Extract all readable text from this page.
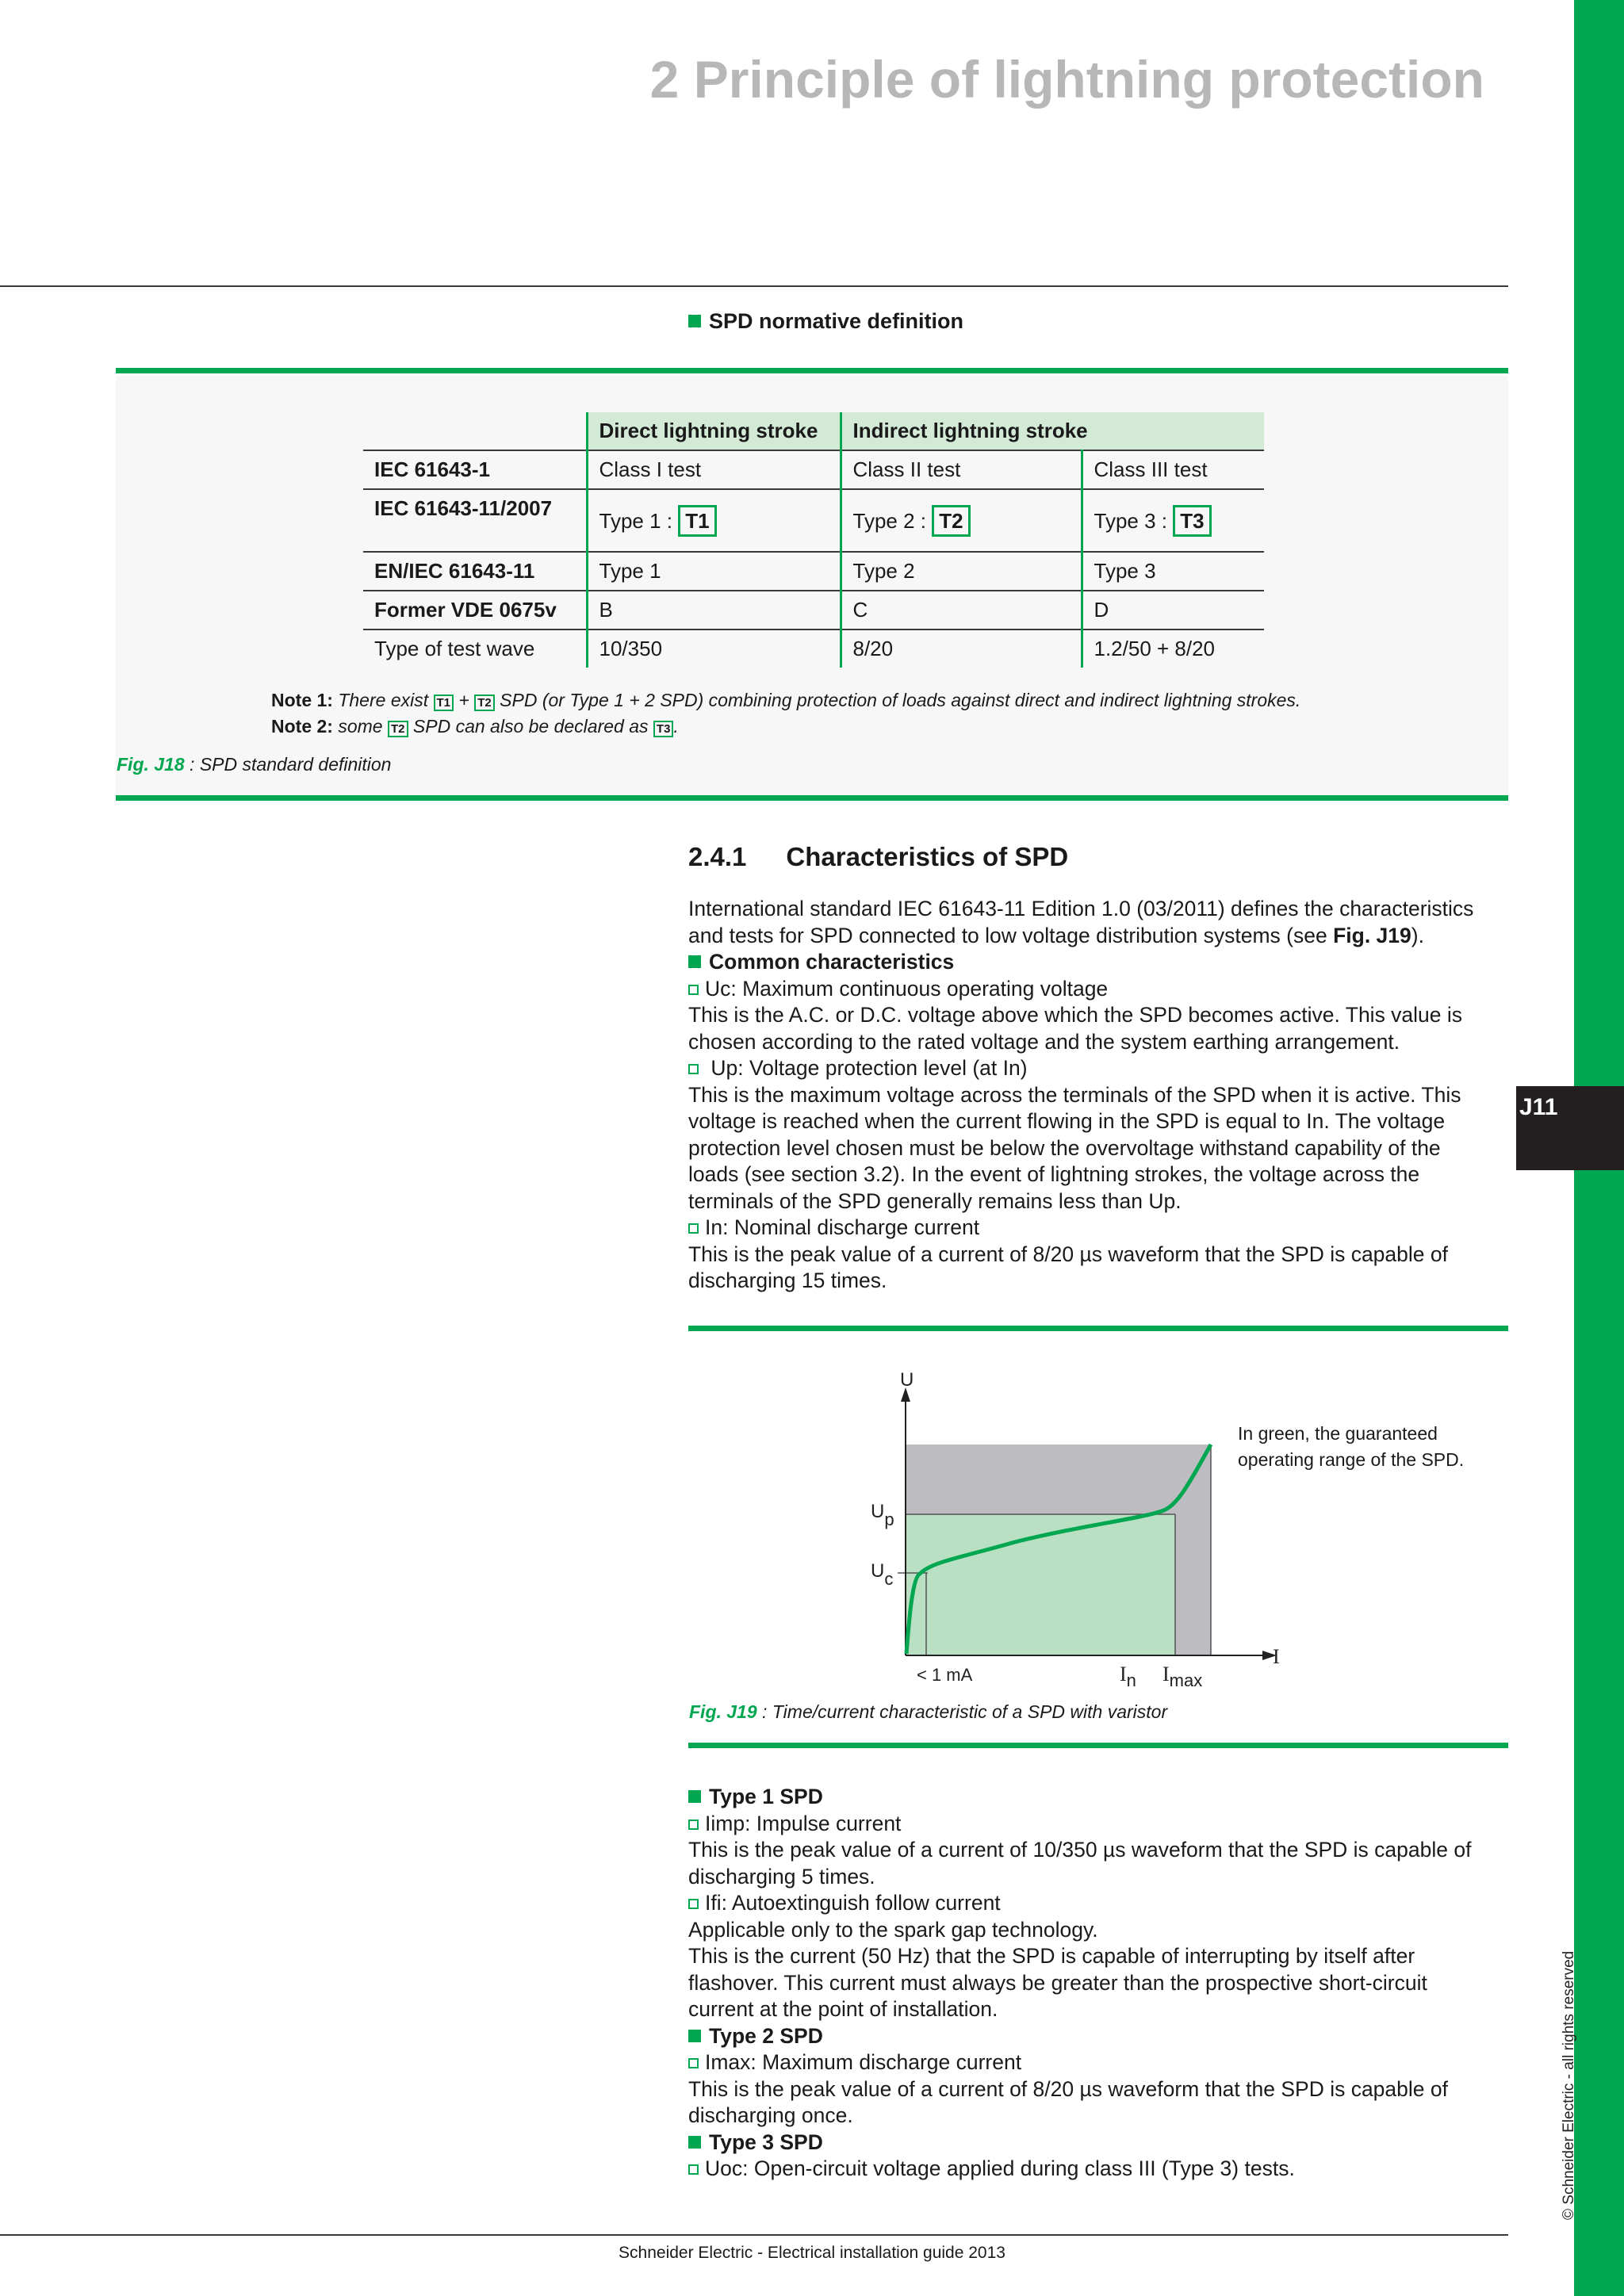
J11
© Schneider Electric - all rights reserved
2 Principle of lightning protection
SPD normative definition
	Direct lightning stroke	Indirect lightning stroke	
IEC 61643-1	Class I test	Class II test	Class III test
IEC 61643-11/2007	Type 1 : T1	Type 2 : T2	Type 3 : T3
EN/IEC 61643-11	Type 1	Type 2	Type 3
Former VDE 0675v	B	C	D
Type of test wave	10/350	8/20	1.2/50 + 8/20
Note 1: There exist T1 + T2 SPD (or Type 1 + 2 SPD) combining protection of loads against direct and indirect lightning strokes.
Note 2: some T2 SPD can also be declared as T3 .
Fig. J18 : SPD standard definition
2.4.1 Characteristics of SPD
International standard IEC 61643-11 Edition 1.0 (03/2011) defines the characteristics
and tests for SPD connected to low voltage distribution systems (see Fig. J19).
Common characteristics
Uc: Maximum continuous operating voltage
This is the A.C. or D.C. voltage above which the SPD becomes active. This value is
chosen according to the rated voltage and the system earthing arrangement.
Up: Voltage protection level (at In)
This is the maximum voltage across the terminals of the SPD when it is active. This
voltage is reached when the current flowing in the SPD is equal to In. The voltage
protection level chosen must be below the overvoltage withstand capability of the
loads (see section 3.2). In the event of lightning strokes, the voltage across the
terminals of the SPD generally remains less than Up.
In: Nominal discharge current
This is the peak value of a current of 8/20 µs waveform that the SPD is capable of
discharging 15 times.
U
I
Up
Uc
< 1 mA	$I_n$ $I_{max}$
In green, the guaranteed
operating range of the SPD.
Fig. J19 : Time/current characteristic of a SPD with varistor
Type 1 SPD
Iimp: Impulse current
This is the peak value of a current of 10/350 µs waveform that the SPD is capable of
discharging 5 times.
Ifi: Autoextinguish follow current
Applicable only to the spark gap technology.
This is the current (50 Hz) that the SPD is capable of interrupting by itself after
flashover. This current must always be greater than the prospective short-circuit
current at the point of installation.
Type 2 SPD
Imax: Maximum discharge current
This is the peak value of a current of 8/20 µs waveform that the SPD is capable of
discharging once.
Type 3 SPD
Uoc: Open-circuit voltage applied during class III (Type 3) tests.
Schneider Electric - Electrical installation guide 2013
